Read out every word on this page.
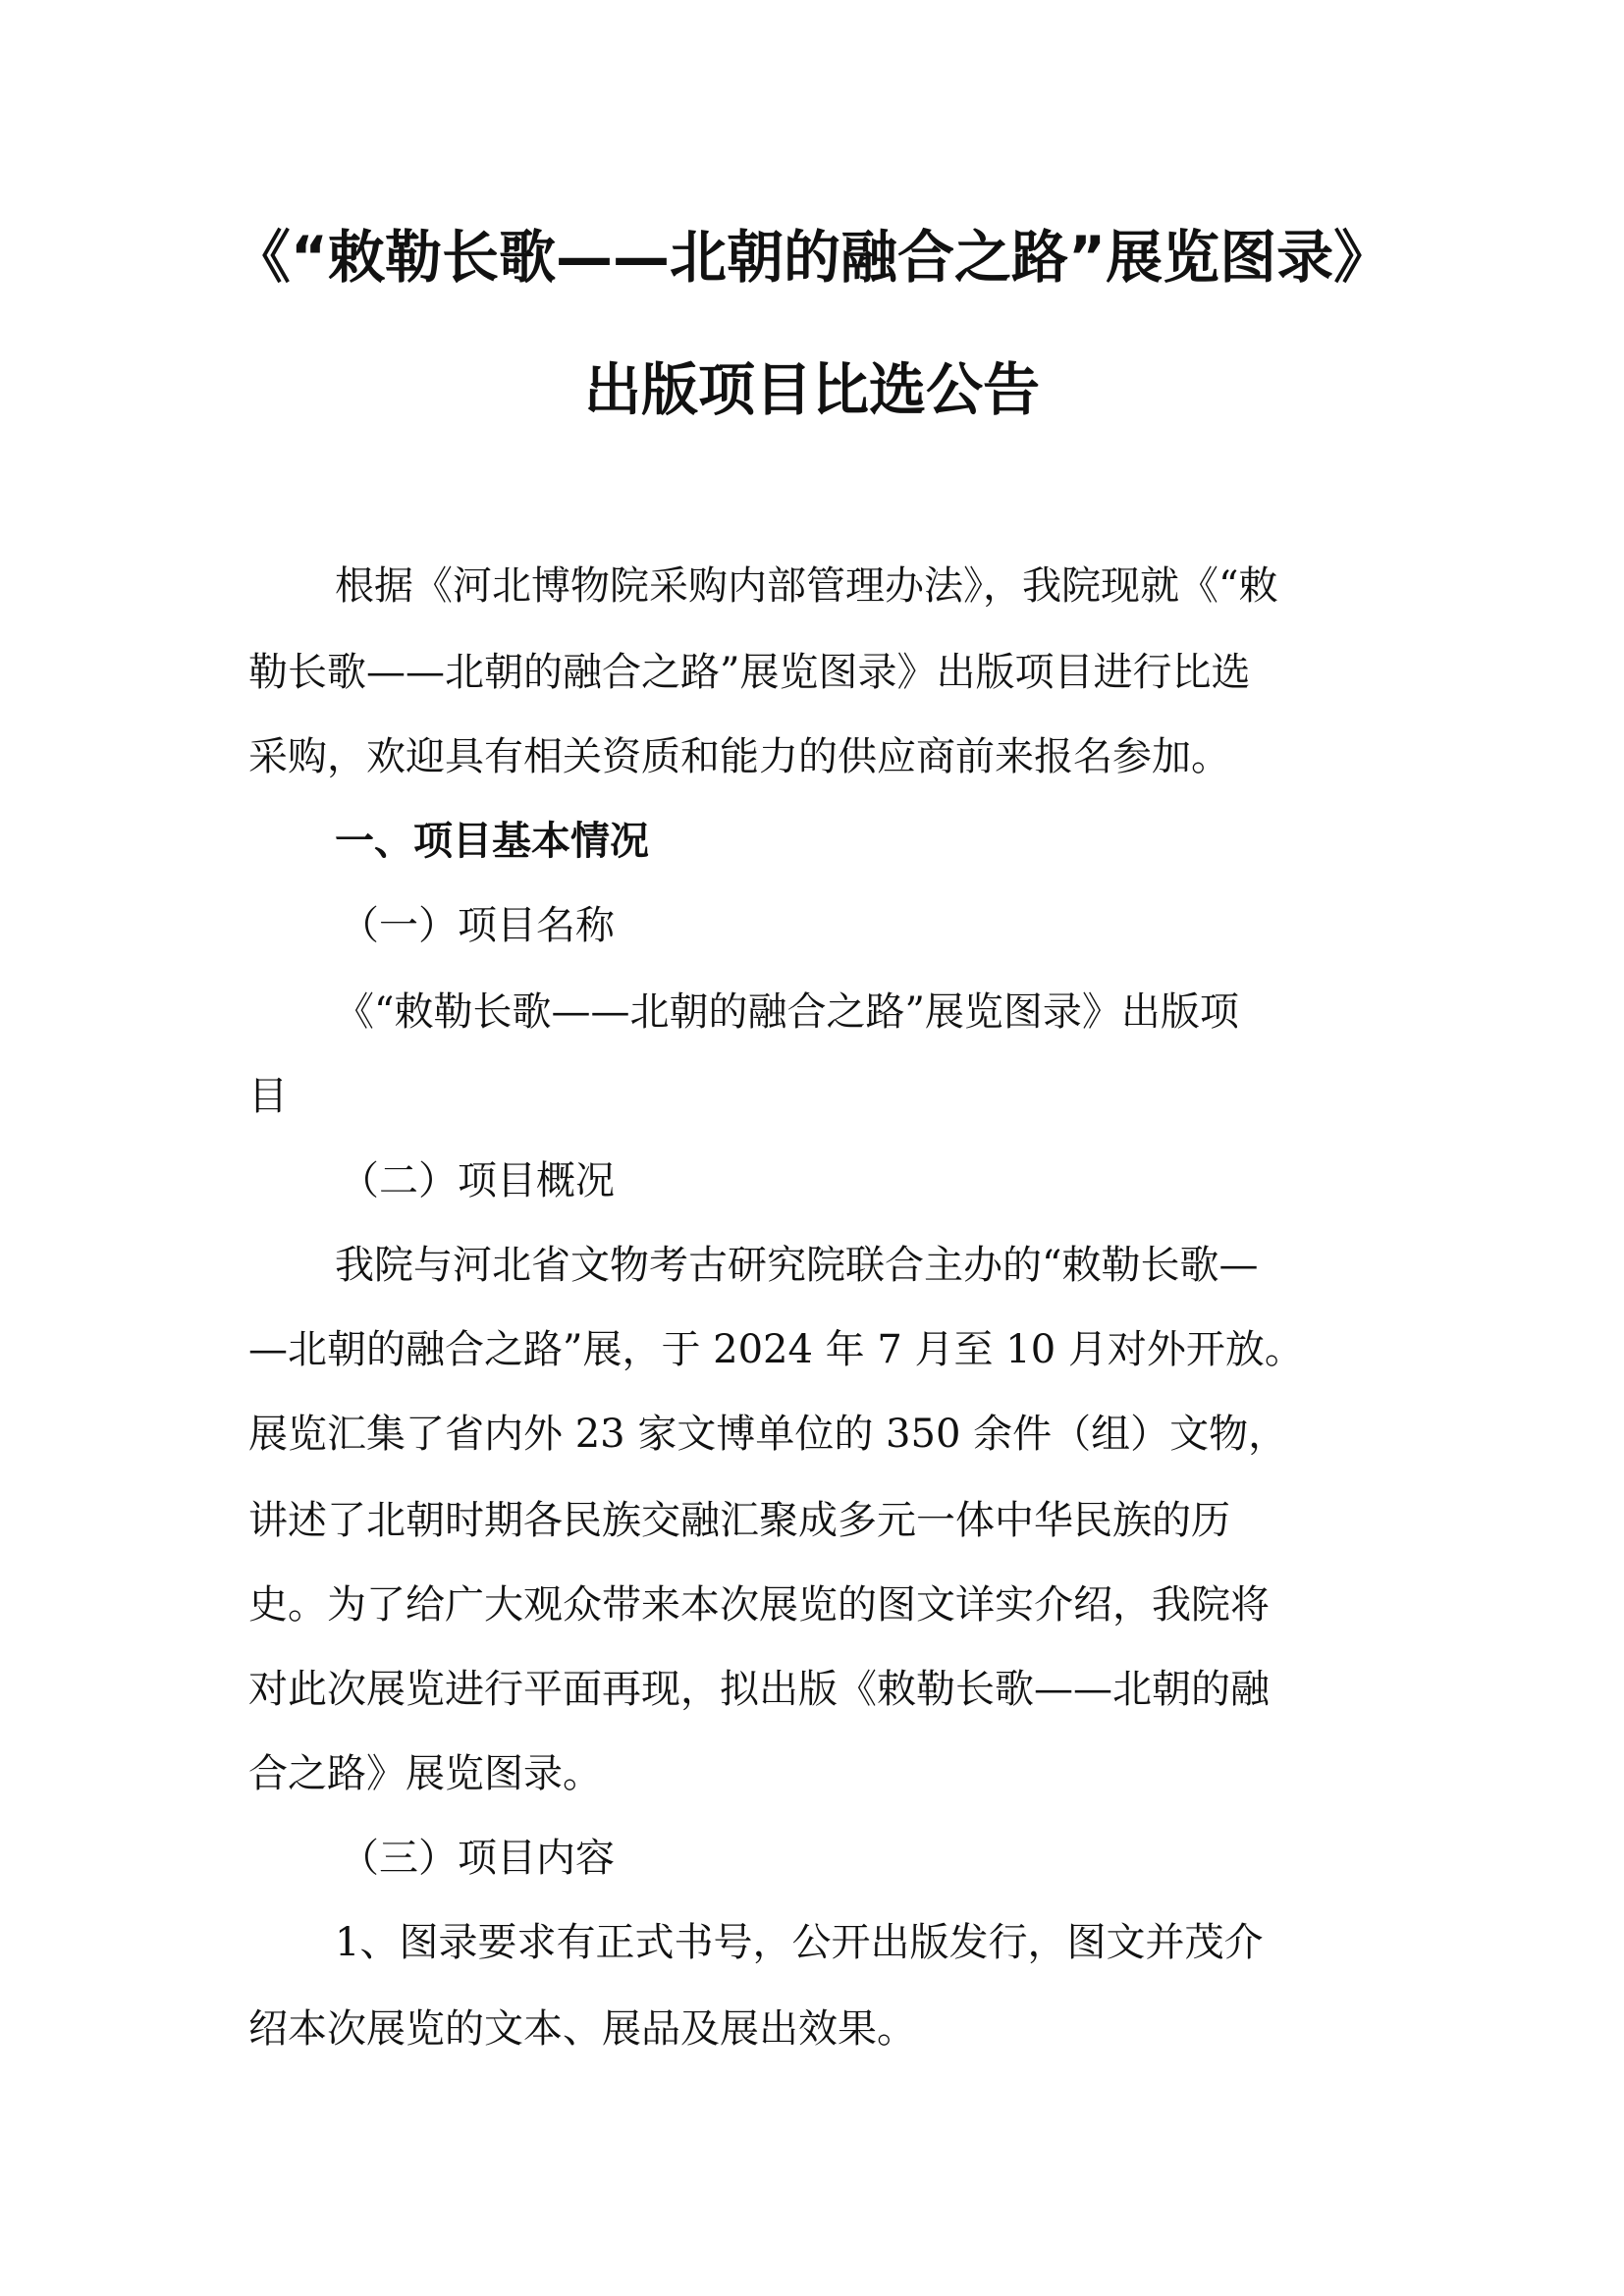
《“敕勒长歌——北朝的融合之路”展览图录》
出版项目比选公告
根据《河北博物院采购内部管理办法》，我院现就《“敕
勒长歌——北朝的融合之路”展览图录》出版项目进行比选
采购，欢迎具有相关资质和能力的供应商前来报名参加。
一、项目基本情况
（一）项目名称
《“敕勒长歌——北朝的融合之路”展览图录》出版项
目
（二）项目概况
我院与河北省文物考古研究院联合主办的“敕勒长歌—
—北朝的融合之路”展，于 2024 年 7 月至 10 月对外开放。
展览汇集了省内外 23 家文博单位的 350 余件（组）文物，
讲述了北朝时期各民族交融汇聚成多元一体中华民族的历
史。为了给广大观众带来本次展览的图文详实介绍，我院将
对此次展览进行平面再现，拟出版《敕勒长歌——北朝的融
合之路》展览图录。
（三）项目内容
1、图录要求有正式书号，公开出版发行，图文并茂介
绍本次展览的文本、展品及展出效果。
